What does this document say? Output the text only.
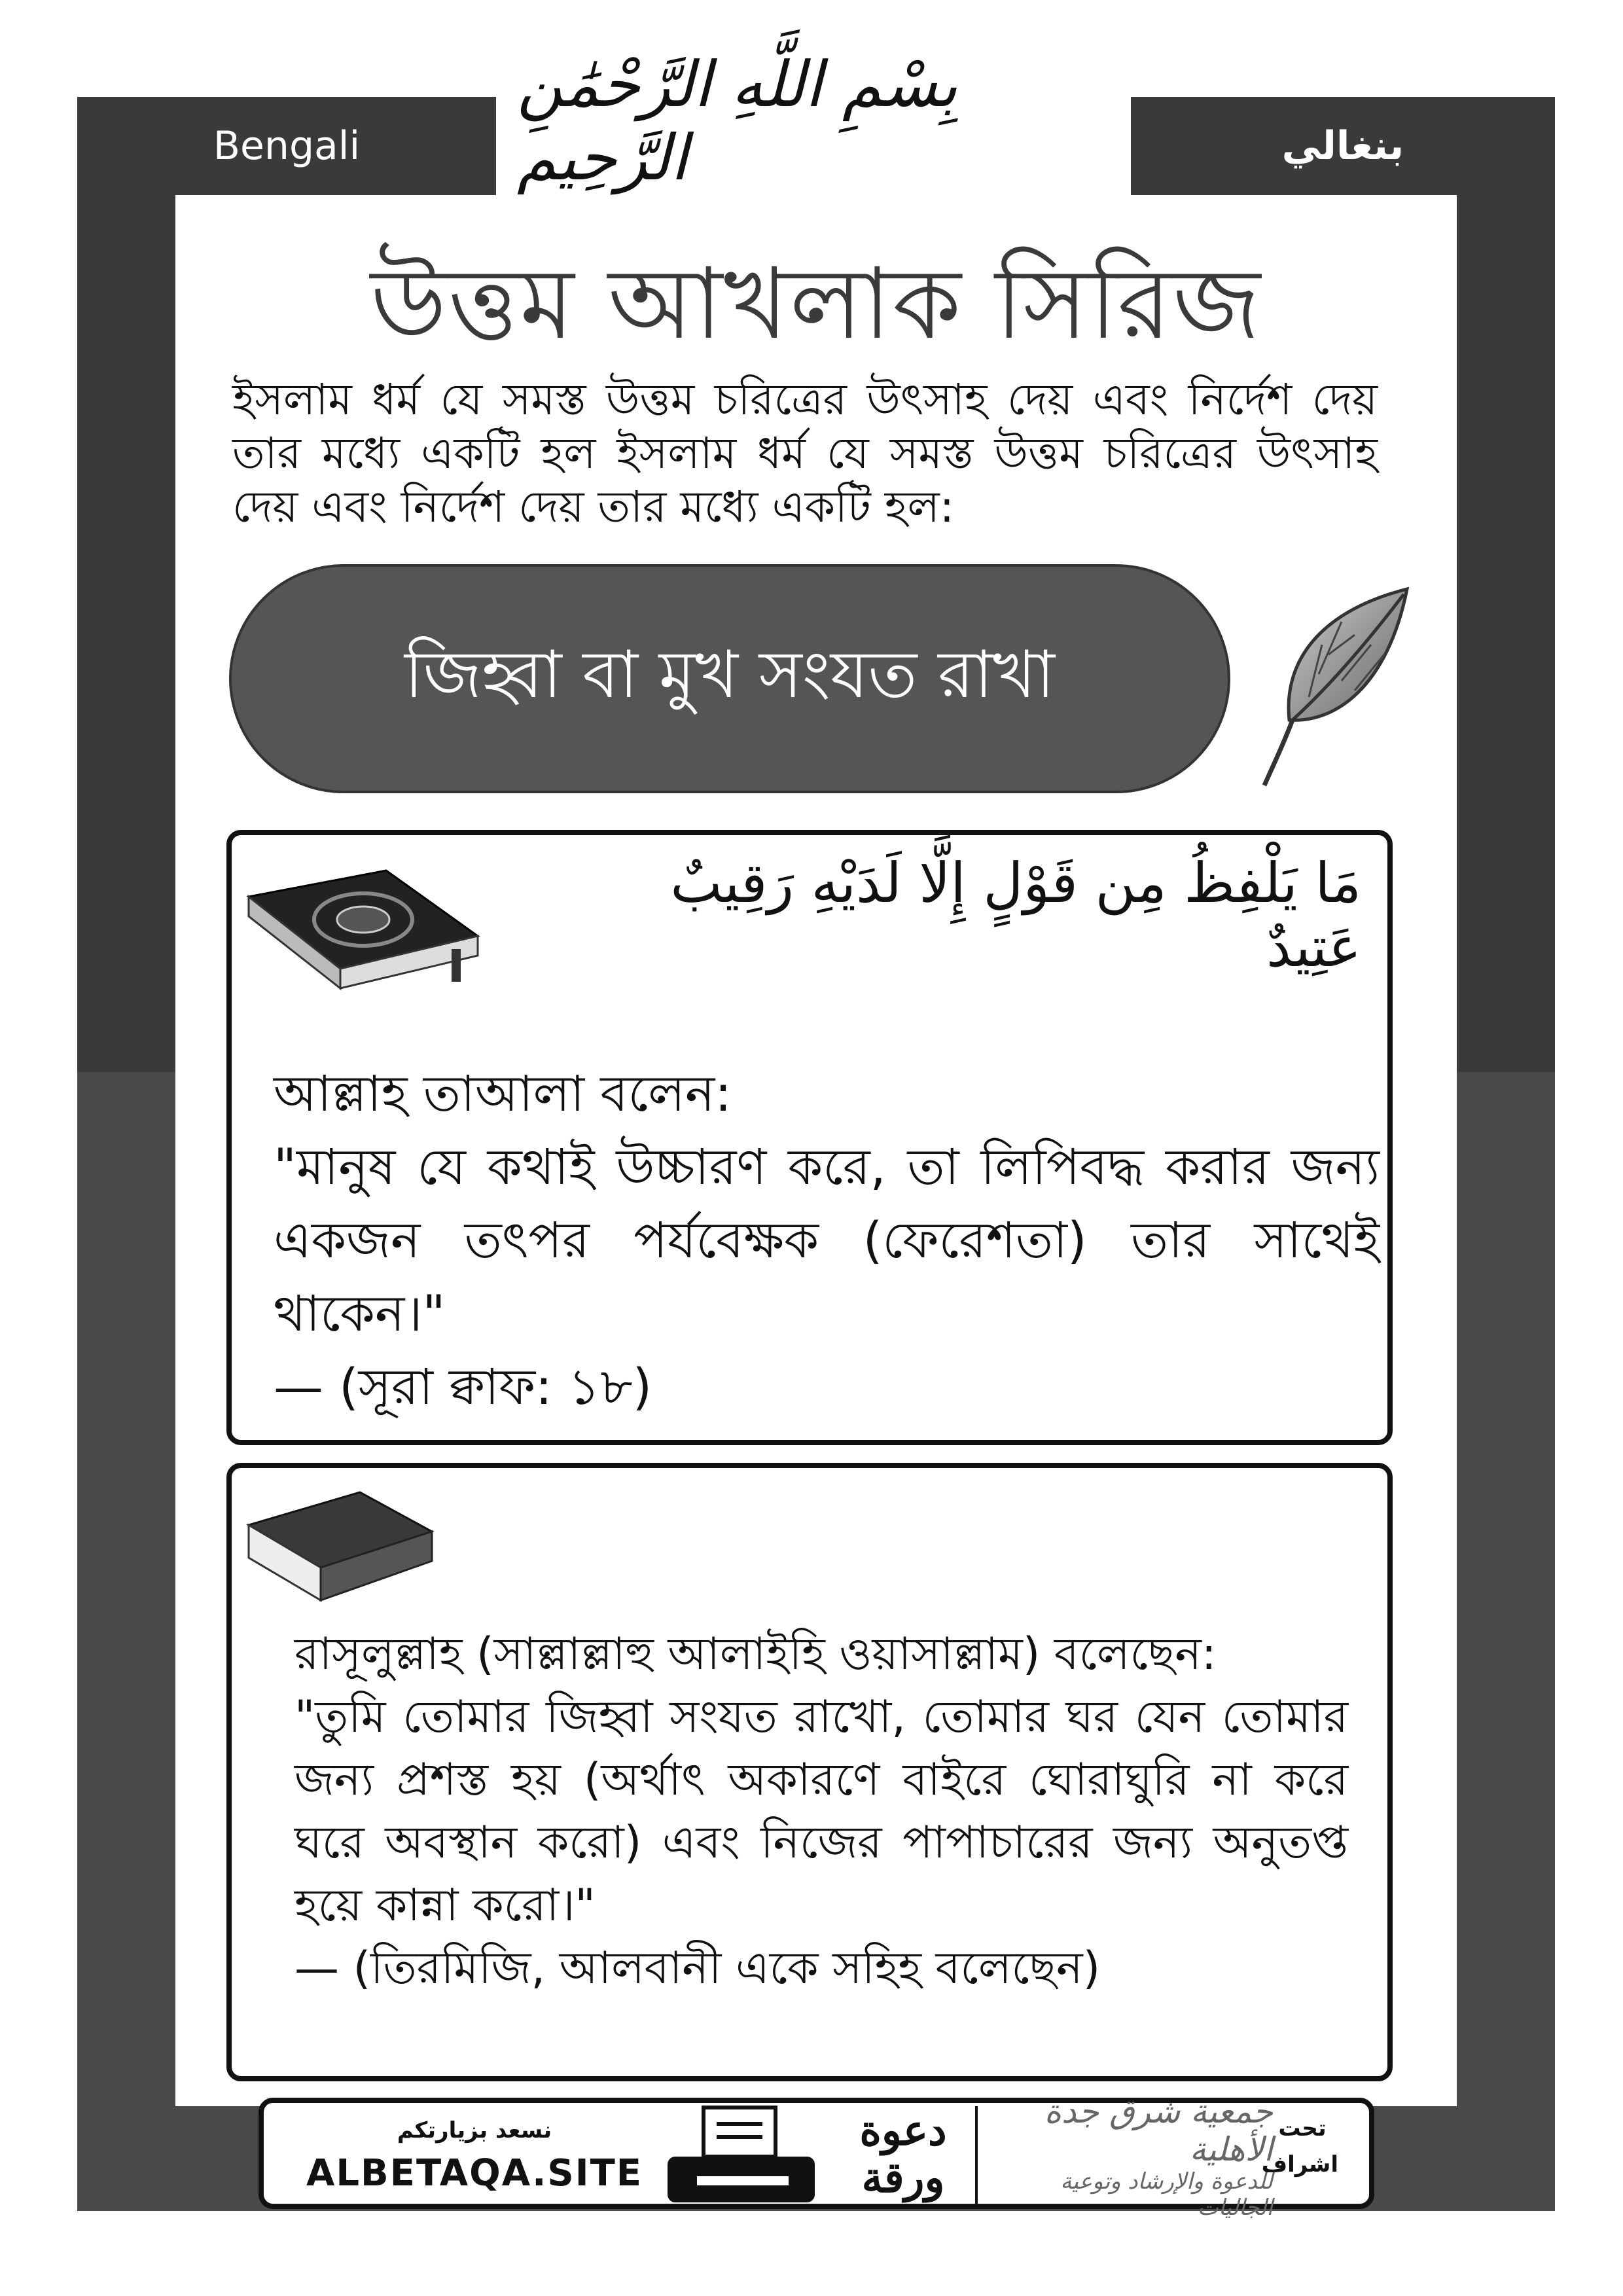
Bengali	بنغالي
بِسْمِ اللَّهِ الرَّحْمَٰنِ الرَّحِيمِ
উত্তম আখলাক সিরিজ
ইসলাম ধর্ম যে সমস্ত উত্তম চরিত্রের উৎসাহ দেয় এবং নির্দেশ দেয় তার মধ্যে একটি হল ইসলাম ধর্ম যে সমস্ত উত্তম চরিত্রের উৎসাহ দেয় এবং নির্দেশ দেয় তার মধ্যে একটি হল:
জিহ্বা বা মুখ সংযত রাখা
مَا يَلْفِظُ مِن قَوْلٍ إِلَّا لَدَيْهِ رَقِيبٌ عَتِيدٌ

আল্লাহ তাআলা বলেন:

"মানুষ যে কথাই উচ্চারণ করে, তা লিপিবদ্ধ করার জন্য একজন তৎপর পর্যবেক্ষক (ফেরেশতা) তার সাথেই থাকেন।"

— (সূরা ক্বাফ: ১৮)

রাসূলুল্লাহ (সাল্লাল্লাহু আলাইহি ওয়াসাল্লাম) বলেছেন:

"তুমি তোমার জিহ্বা সংযত রাখো, তোমার ঘর যেন তোমার জন্য প্রশস্ত হয় (অর্থাৎ অকারণে বাইরে ঘোরাঘুরি না করে ঘরে অবস্থান করো) এবং নিজের পাপাচারের জন্য অনুতপ্ত হয়ে কান্না করো।"

— (তিরমিজি, আলবানী একে সহিহ বলেছেন)

نسعد بزيارتكم
ALBETAQA.SITE
دعوة
ورقة
جمعية شرق جدة الأهلية
للدعوة والإرشاد وتوعية الجاليات
تحت
اشراف
